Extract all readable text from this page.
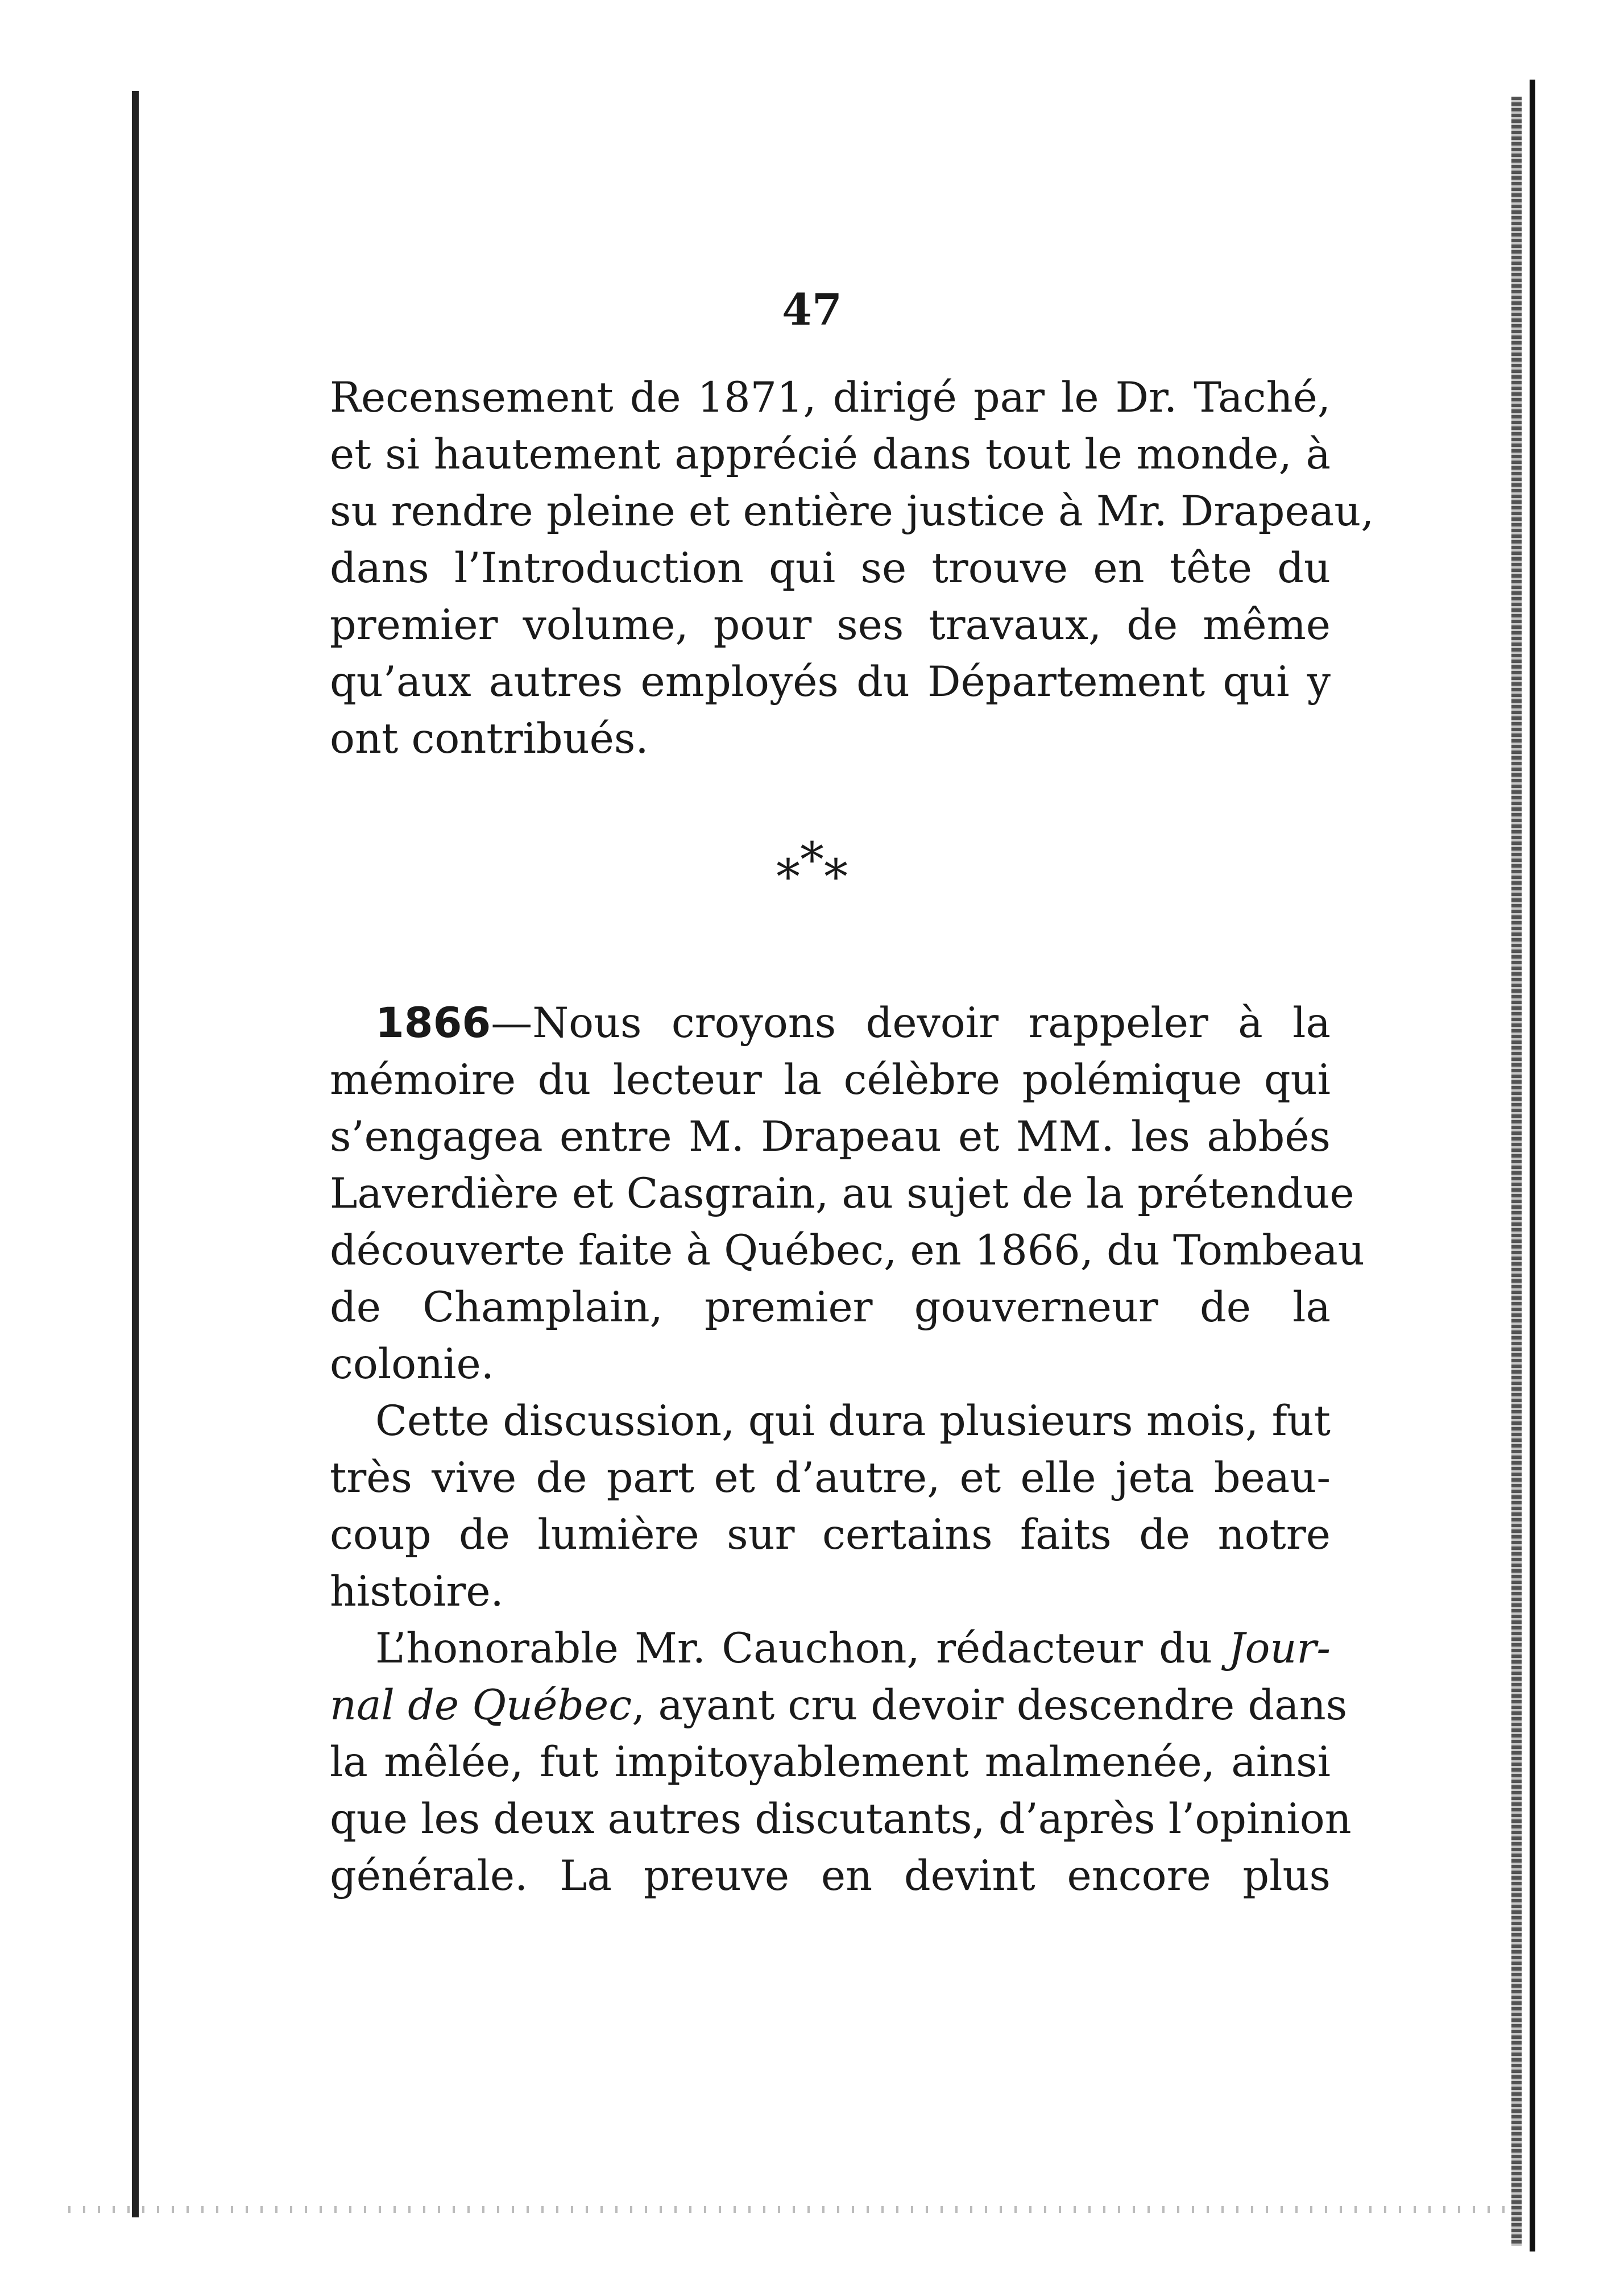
47
Recensement de 1871, dirigé par le Dr. Taché,
et si hautement apprécié dans tout le monde, à
su rendre pleine et entière justice à Mr. Drapeau,
dans l’Introduction qui se trouve en tête du
premier volume, pour ses travaux, de même
qu’aux autres employés du Département qui y
ont contribués.
***
1866—Nous croyons devoir rappeler à la
mémoire du lecteur la célèbre polémique qui
s’engagea entre M. Drapeau et MM. les abbés
Laverdière et Casgrain, au sujet de la prétendue
découverte faite à Québec, en 1866, du Tombeau
de Champlain, premier gouverneur de la
colonie.
Cette discussion, qui dura plusieurs mois, fut
très vive de part et d’autre, et elle jeta beau-
coup de lumière sur certains faits de notre
histoire.
L’honorable Mr. Cauchon, rédacteur du Jour-
nal de Québec, ayant cru devoir descendre dans
la mêlée, fut impitoyablement malmenée, ainsi
que les deux autres discutants, d’après l’opinion
générale. La preuve en devint encore plus
